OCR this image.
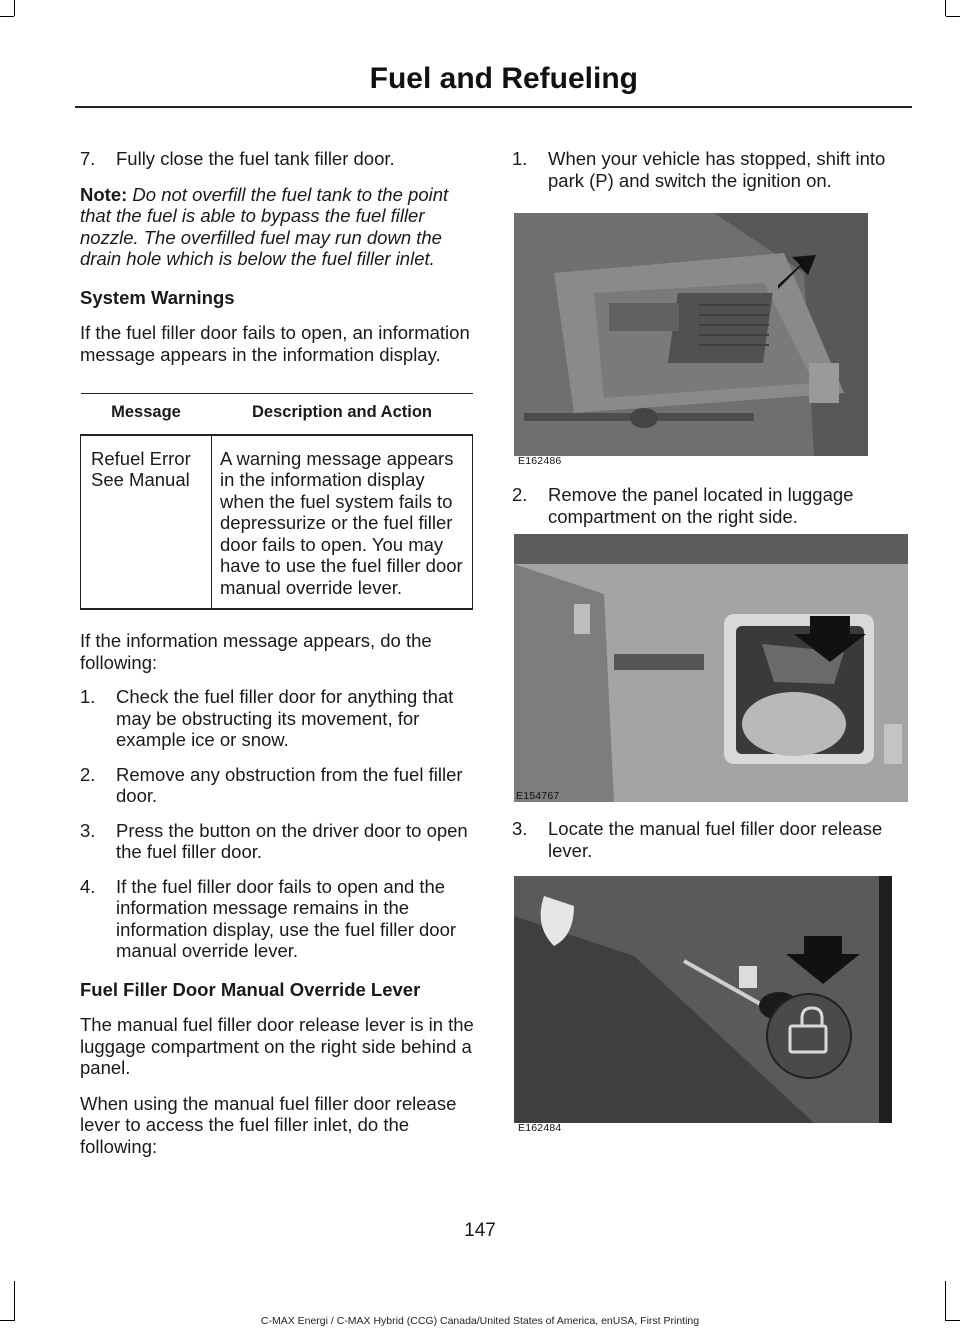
Fuel and Refueling

7. Fully close the fuel tank filler door.

Note: Do not overfill the fuel tank to the point that the fuel is able to bypass the fuel filler nozzle. The overfilled fuel may run down the drain hole which is below the fuel filler inlet.

System Warnings

If the fuel filler door fails to open, an information message appears in the information display.

Message	Description and Action
Refuel Error See Manual	A warning message appears in the information display when the fuel system fails to depressurize or the fuel filler door fails to open. You may have to use the fuel filler door manual override lever.

If the information message appears, do the following:

1. Check the fuel filler door for anything that may be obstructing its movement, for example ice or snow.

2. Remove any obstruction from the fuel filler door.

3. Press the button on the driver door to open the fuel filler door.

4. If the fuel filler door fails to open and the information message remains in the information display, use the fuel filler door manual override lever.

Fuel Filler Door Manual Override Lever

The manual fuel filler door release lever is in the luggage compartment on the right side behind a panel.

When using the manual fuel filler door release lever to access the fuel filler inlet, do the following:

1. When your vehicle has stopped, shift into park (P) and switch the ignition on.

E162486

2. Remove the panel located in luggage compartment on the right side.

E154767

3. Locate the manual fuel filler door release lever.

E162484
147
C-MAX Energi / C-MAX Hybrid (CCG) Canada/United States of America, enUSA, First Printing
